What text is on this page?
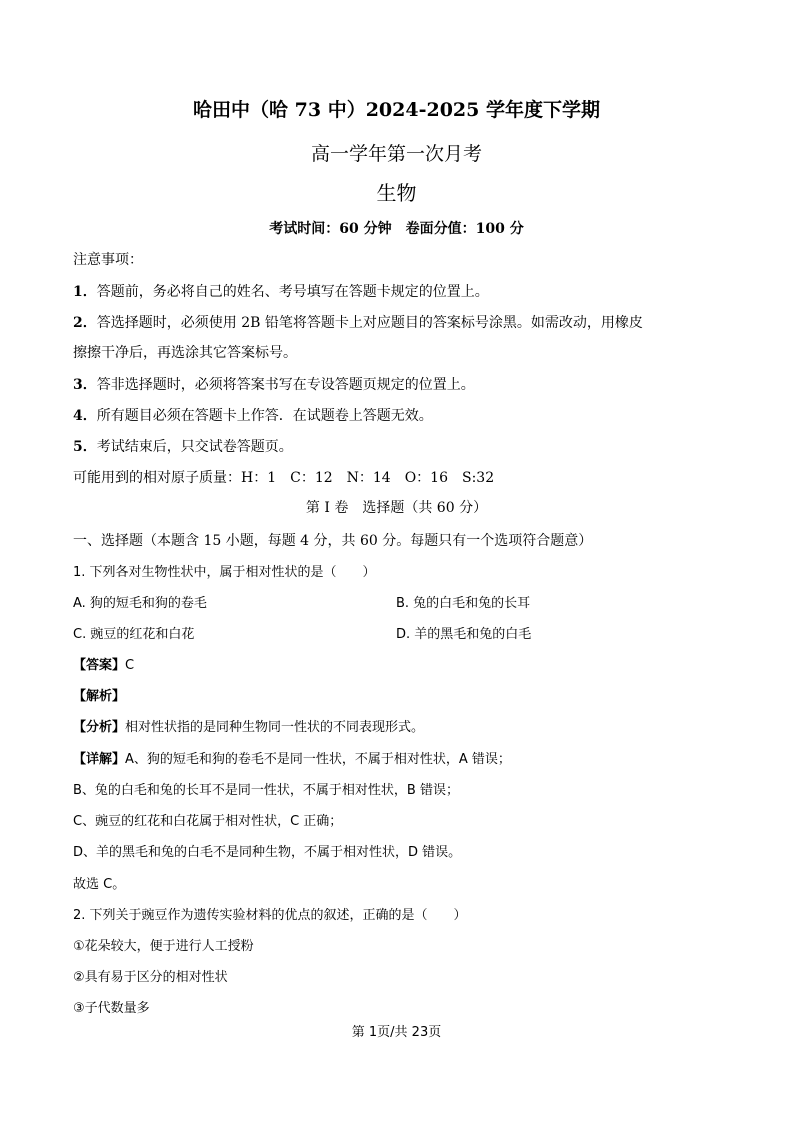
哈田中（哈 73 中）2024-2025 学年度下学期
高一学年第一次月考
生物
考试时间：60 分钟　卷面分值：100 分
注意事项：
1．答题前，务必将自己的姓名、考号填写在答题卡规定的位置上。
2．答选择题时，必须使用 2B 铅笔将答题卡上对应题目的答案标号涂黑。如需改动，用橡皮
擦擦干净后，再选涂其它答案标号。
3．答非选择题时，必须将答案书写在专设答题页规定的位置上。
4．所有题目必须在答题卡上作答．在试题卷上答题无效。
5．考试结束后，只交试卷答题页。
可能用到的相对原子质量：H：1　C：12　N：14　O：16　S:32
第 I 卷　选择题（共 60 分）
一、选择题（本题含 15 小题，每题 4 分，共 60 分。每题只有一个选项符合题意）
1. 下列各对生物性状中，属于相对性状的是（　　）
A. 狗的短毛和狗的卷毛	B. 兔的白毛和兔的长耳
C. 豌豆的红花和白花	D. 羊的黑毛和兔的白毛
【答案】C
【解析】
【分析】相对性状指的是同种生物同一性状的不同表现形式。
【详解】A、狗的短毛和狗的卷毛不是同一性状，不属于相对性状，A 错误；
B、兔的白毛和兔的长耳不是同一性状，不属于相对性状，B 错误；
C、豌豆的红花和白花属于相对性状，C 正确；
D、羊的黑毛和兔的白毛不是同种生物，不属于相对性状，D 错误。
故选 C。
2. 下列关于豌豆作为遗传实验材料的优点的叙述，正确的是（　　）
①花朵较大，便于进行人工授粉
②具有易于区分的相对性状
③子代数量多
第 1页/共 23页
